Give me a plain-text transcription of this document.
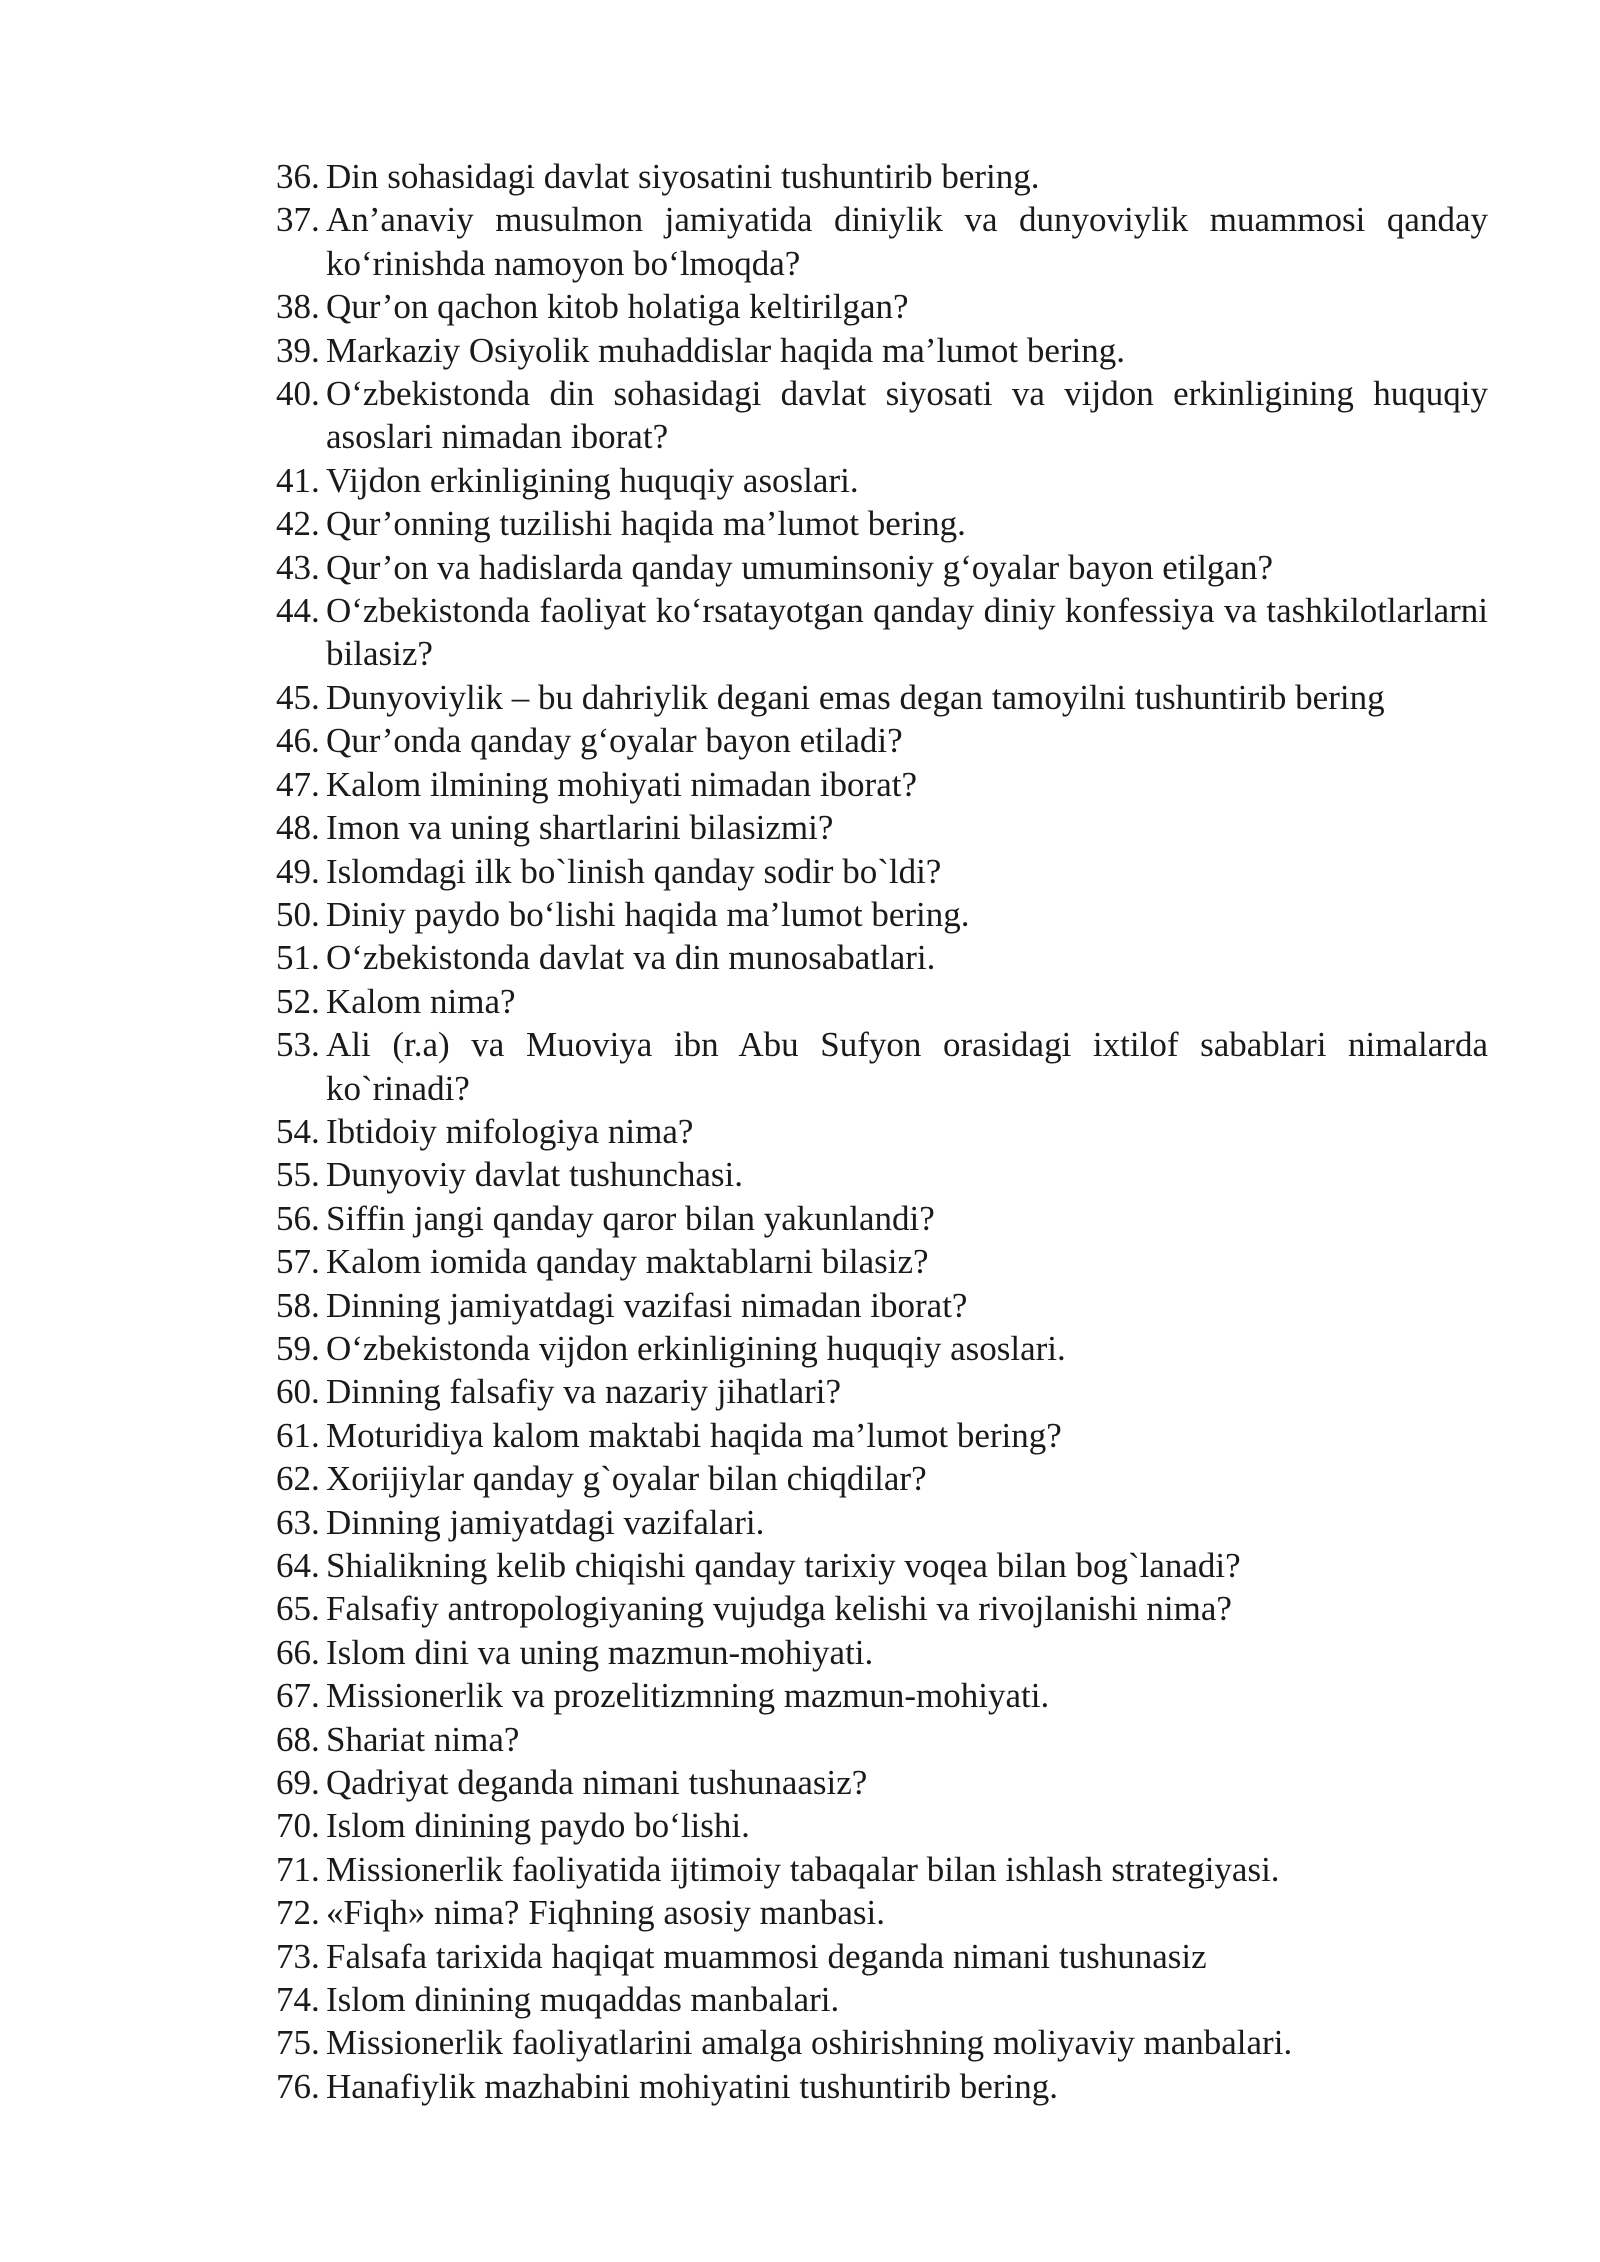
36. Din sohasidagi davlat siyosatini tushuntirib bering.
37. An’anaviy musulmon jamiyatida diniylik va dunyoviylik muammosi qanday ko‘rinishda namoyon bo‘lmoqda?
38. Qur’on qachon kitob holatiga keltirilgan?
39. Markaziy Osiyolik muhaddislar haqida ma’lumot bering.
40. O‘zbekistonda din sohasidagi davlat siyosati va vijdon erkinligining huquqiy asoslari nimadan iborat?
41. Vijdon erkinligining huquqiy asoslari.
42. Qur’onning tuzilishi haqida ma’lumot bering.
43. Qur’on va hadislarda qanday umuminsoniy g‘oyalar bayon etilgan?
44. O‘zbekistonda faoliyat ko‘rsatayotgan qanday diniy konfessiya va tashkilotlarlarni bilasiz?
45. Dunyoviylik – bu dahriylik degani emas degan tamoyilni tushuntirib bering
46. Qur’onda qanday g‘oyalar bayon etiladi?
47. Kalom ilmining mohiyati nimadan iborat?
48. Imon va uning shartlarini bilasizmi?
49. Islomdagi ilk bo`linish qanday sodir bo`ldi?
50. Diniy paydo bo‘lishi haqida ma’lumot bering.
51. O‘zbekistonda davlat va din munosabatlari.
52. Kalom nima?
53. Ali (r.a) va Muoviya ibn Abu Sufyon orasidagi ixtilof sabablari nimalarda ko`rinadi?
54. Ibtidoiy mifologiya nima?
55. Dunyoviy davlat tushunchasi.
56. Siffin jangi qanday qaror bilan yakunlandi?
57. Kalom iomida qanday maktablarni bilasiz?
58. Dinning jamiyatdagi vazifasi nimadan iborat?
59. O‘zbekistonda vijdon erkinligining huquqiy asoslari.
60. Dinning falsafiy va nazariy jihatlari?
61. Moturidiya kalom maktabi haqida ma’lumot bering?
62. Xorijiylar qanday g`oyalar bilan chiqdilar?
63. Dinning jamiyatdagi vazifalari.
64. Shialikning kelib chiqishi qanday tarixiy voqea bilan bog`lanadi?
65. Falsafiy antropologiyaning vujudga kelishi va rivojlanishi nima?
66. Islom dini va uning mazmun-mohiyati.
67. Missionerlik va prozelitizmning mazmun-mohiyati.
68. Shariat nima?
69. Qadriyat deganda nimani tushunaasiz?
70. Islom dinining paydo bo‘lishi.
71. Missionerlik faoliyatida ijtimoiy tabaqalar bilan ishlash strategiyasi.
72. «Fiqh» nima? Fiqhning asosiy manbasi.
73. Falsafa tarixida haqiqat muammosi deganda nimani tushunasiz
74. Islom dinining muqaddas manbalari.
75. Missionerlik faoliyatlarini amalga oshirishning moliyaviy manbalari.
76. Hanafiylik mazhabini mohiyatini tushuntirib bering.
